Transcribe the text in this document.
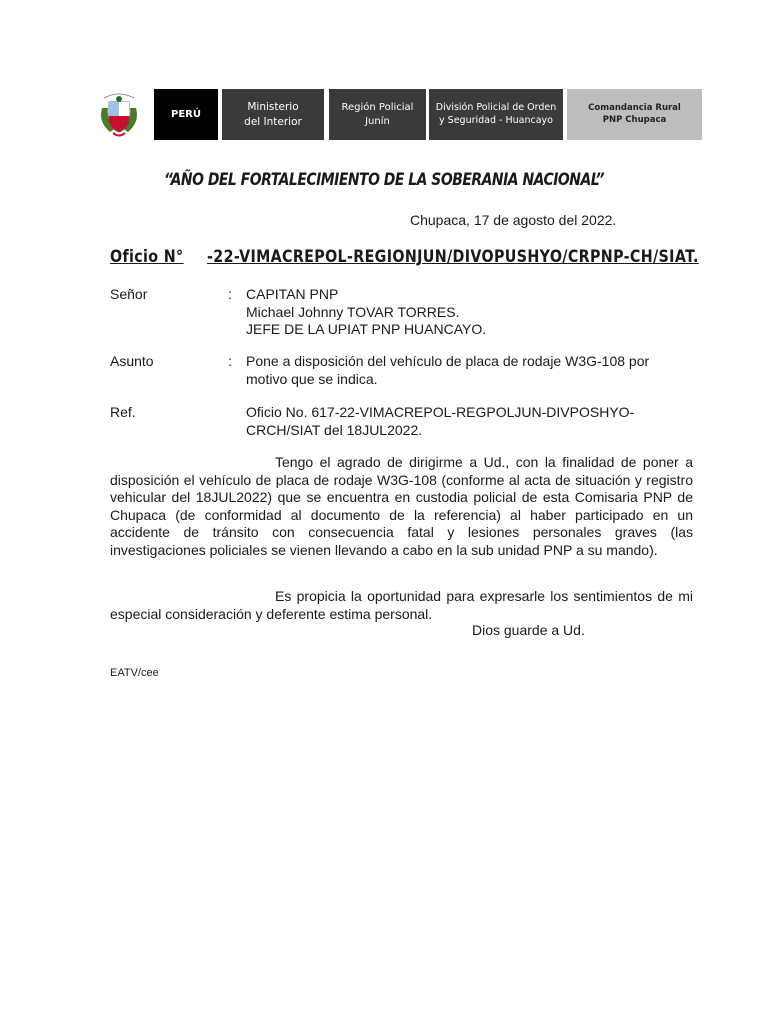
PERÚ
Ministerio
del Interior
Región Policial
Junín
División Policial de Orden
y Seguridad - Huancayo
Comandancia Rural
PNP Chupaca
“AÑO DEL FORTALECIMIENTO DE LA SOBERANIA NACIONAL”
Chupaca, 17 de agosto del 2022.
Oficio N° -22-VIMACREPOL-REGIONJUN/DIVOPUSHYO/CRPNP-CH/SIAT.
Señor	: CAPITAN PNP
Michael Johnny TOVAR TORRES.
JEFE DE LA UPIAT PNP HUANCAYO.
Asunto	: Pone a disposición del vehículo de placa de rodaje W3G-108 por
motivo que se indica.
Ref.	Oficio No. 617-22-VIMACREPOL-REGPOLJUN-DIVPOSHYO-
CRCH/SIAT del 18JUL2022.
Tengo el agrado de dirigirme a Ud., con la finalidad de poner a disposición el vehículo de placa de rodaje W3G-108 (conforme al acta de situación y registro vehicular del 18JUL2022) que se encuentra en custodia policial de esta Comisaria PNP de Chupaca (de conformidad al documento de la referencia) al haber participado en un accidente de tránsito con consecuencia fatal y lesiones personales graves (las investigaciones policiales se vienen llevando a cabo en la sub unidad PNP a su mando).
Es propicia la oportunidad para expresarle los sentimientos de mi especial consideración y deferente estima personal.
Dios guarde a Ud.
EATV/cee
